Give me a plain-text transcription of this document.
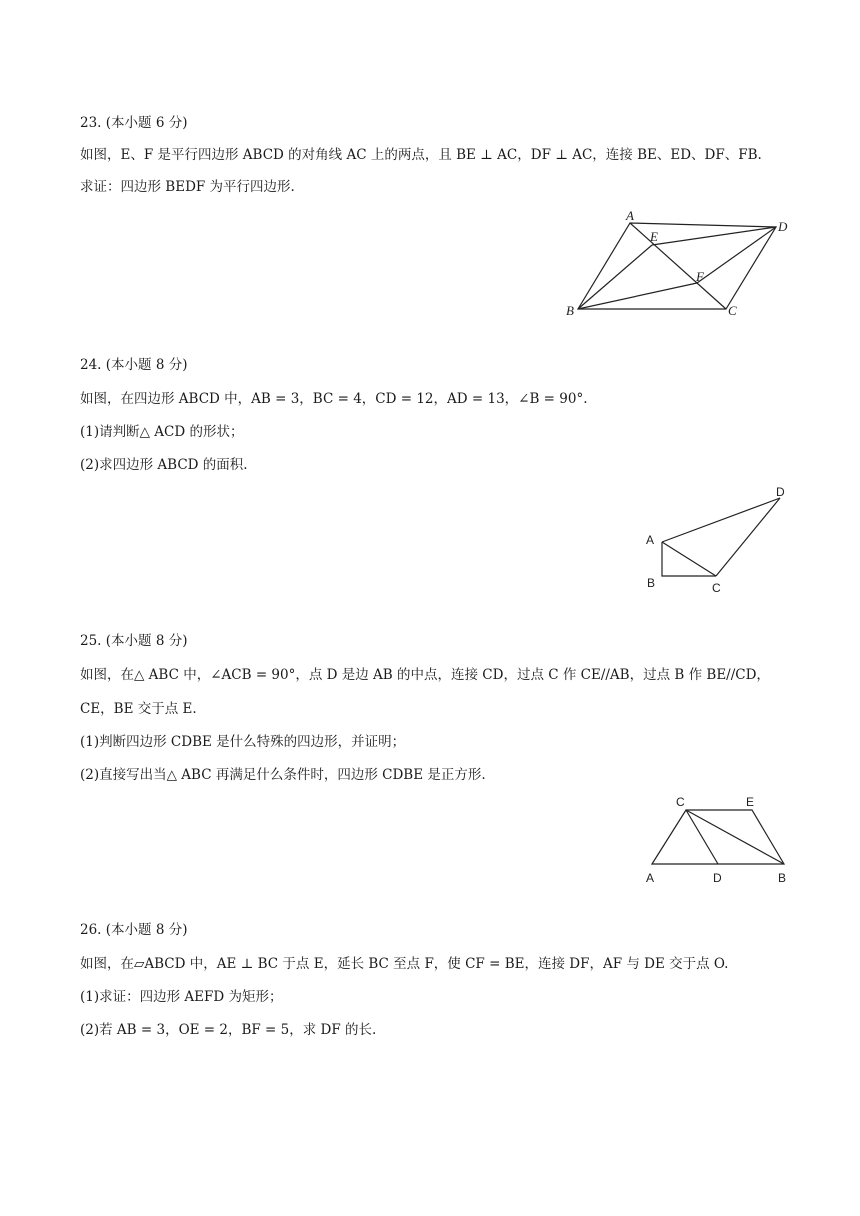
23. (本小题 6 分)
如图，E、F 是平行四边形 ABCD 的对角线 AC 上的两点，且 BE ⊥ AC，DF ⊥ AC，连接 BE、ED、DF、FB.
求证：四边形 BEDF 为平行四边形.
A
E
D
F
B	C
24. (本小题 8 分)
如图，在四边形 ABCD 中，AB = 3，BC = 4，CD = 12，AD = 13，∠B = 90°.
(1)请判断△ ACD 的形状；
(2)求四边形 ABCD 的面积.
A
B	C
D
25. (本小题 8 分)
如图，在△ ABC 中，∠ACB = 90°，点 D 是边 AB 的中点，连接 CD，过点 C 作 CE//AB，过点 B 作 BE//CD，
CE，BE 交于点 E.
(1)判断四边形 CDBE 是什么特殊的四边形，并证明；
(2)直接写出当△ ABC 再满足什么条件时，四边形 CDBE 是正方形.
C	E
A	D	B
26. (本小题 8 分)
如图，在▱ABCD 中，AE ⊥ BC 于点 E，延长 BC 至点 F，使 CF = BE，连接 DF，AF 与 DE 交于点 O.
(1)求证：四边形 AEFD 为矩形；
(2)若 AB = 3，OE = 2，BF = 5，求 DF 的长.
